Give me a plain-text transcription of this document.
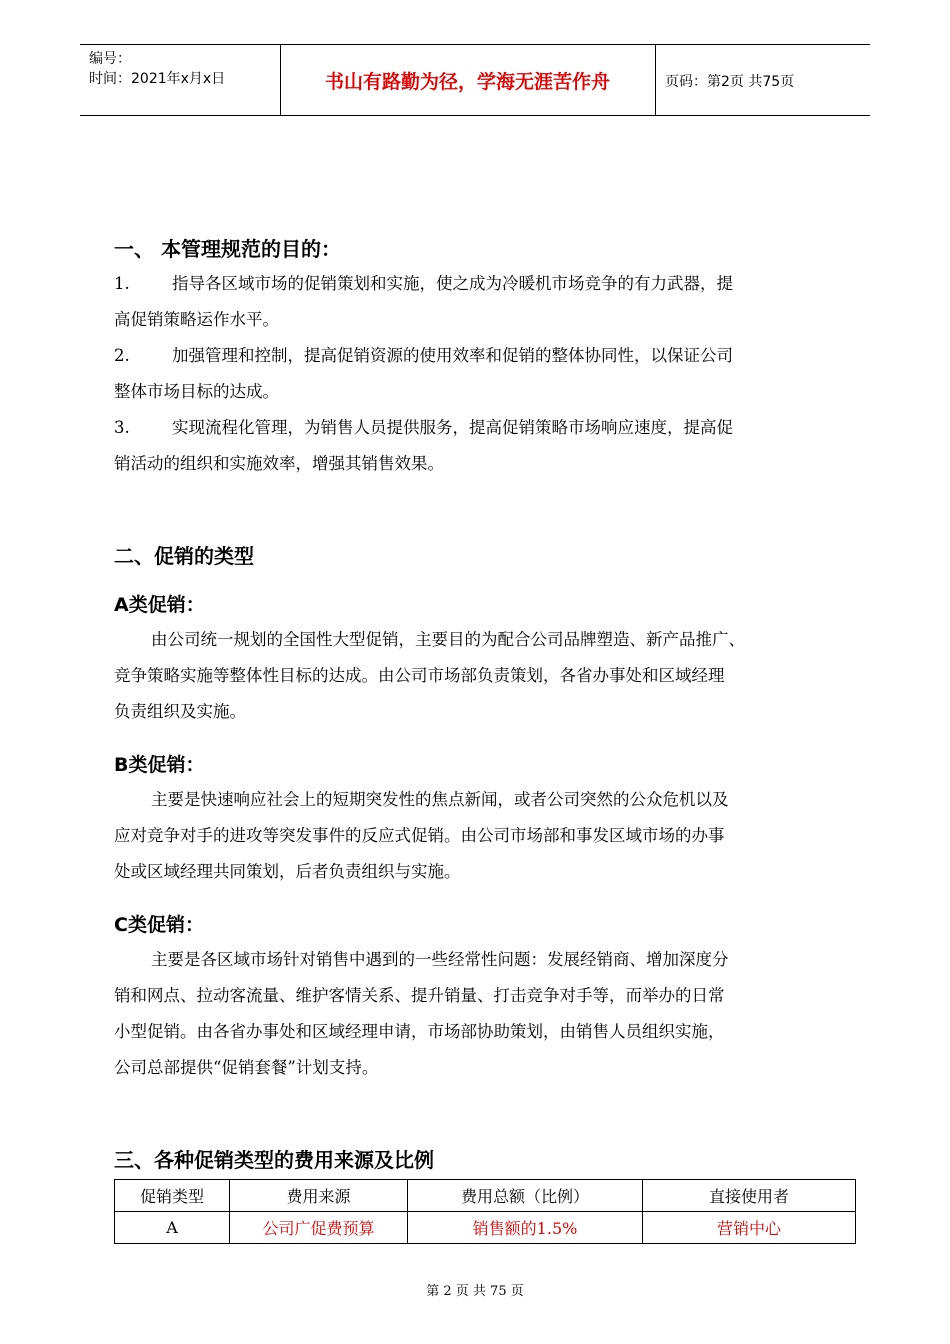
编号：
时间：2021年x月x日	书山有路勤为径，学海无涯苦作舟	页码：第2页 共75页
一、 本管理规范的目的：
1.	指导各区域市场的促销策划和实施，使之成为冷暖机市场竞争的有力武器，提
高促销策略运作水平。
2.	加强管理和控制，提高促销资源的使用效率和促销的整体协同性，以保证公司
整体市场目标的达成。
3.	实现流程化管理，为销售人员提供服务，提高促销策略市场响应速度，提高促
销活动的组织和实施效率，增强其销售效果。
二、促销的类型
A类促销：
由公司统一规划的全国性大型促销，主要目的为配合公司品牌塑造、新产品推广、
竞争策略实施等整体性目标的达成。由公司市场部负责策划，各省办事处和区域经理
负责组织及实施。
B类促销：
主要是快速响应社会上的短期突发性的焦点新闻，或者公司突然的公众危机以及
应对竞争对手的进攻等突发事件的反应式促销。由公司市场部和事发区域市场的办事
处或区域经理共同策划，后者负责组织与实施。
C类促销：
主要是各区域市场针对销售中遇到的一些经常性问题：发展经销商、增加深度分
销和网点、拉动客流量、维护客情关系、提升销量、打击竞争对手等，而举办的日常
小型促销。由各省办事处和区域经理申请，市场部协助策划，由销售人员组织实施，
公司总部提供“促销套餐”计划支持。
三、各种促销类型的费用来源及比例
促销类型	费用来源	费用总额（比例）	直接使用者
A	公司广促费预算	销售额的1.5%	营销中心
第 2 页 共 75 页
